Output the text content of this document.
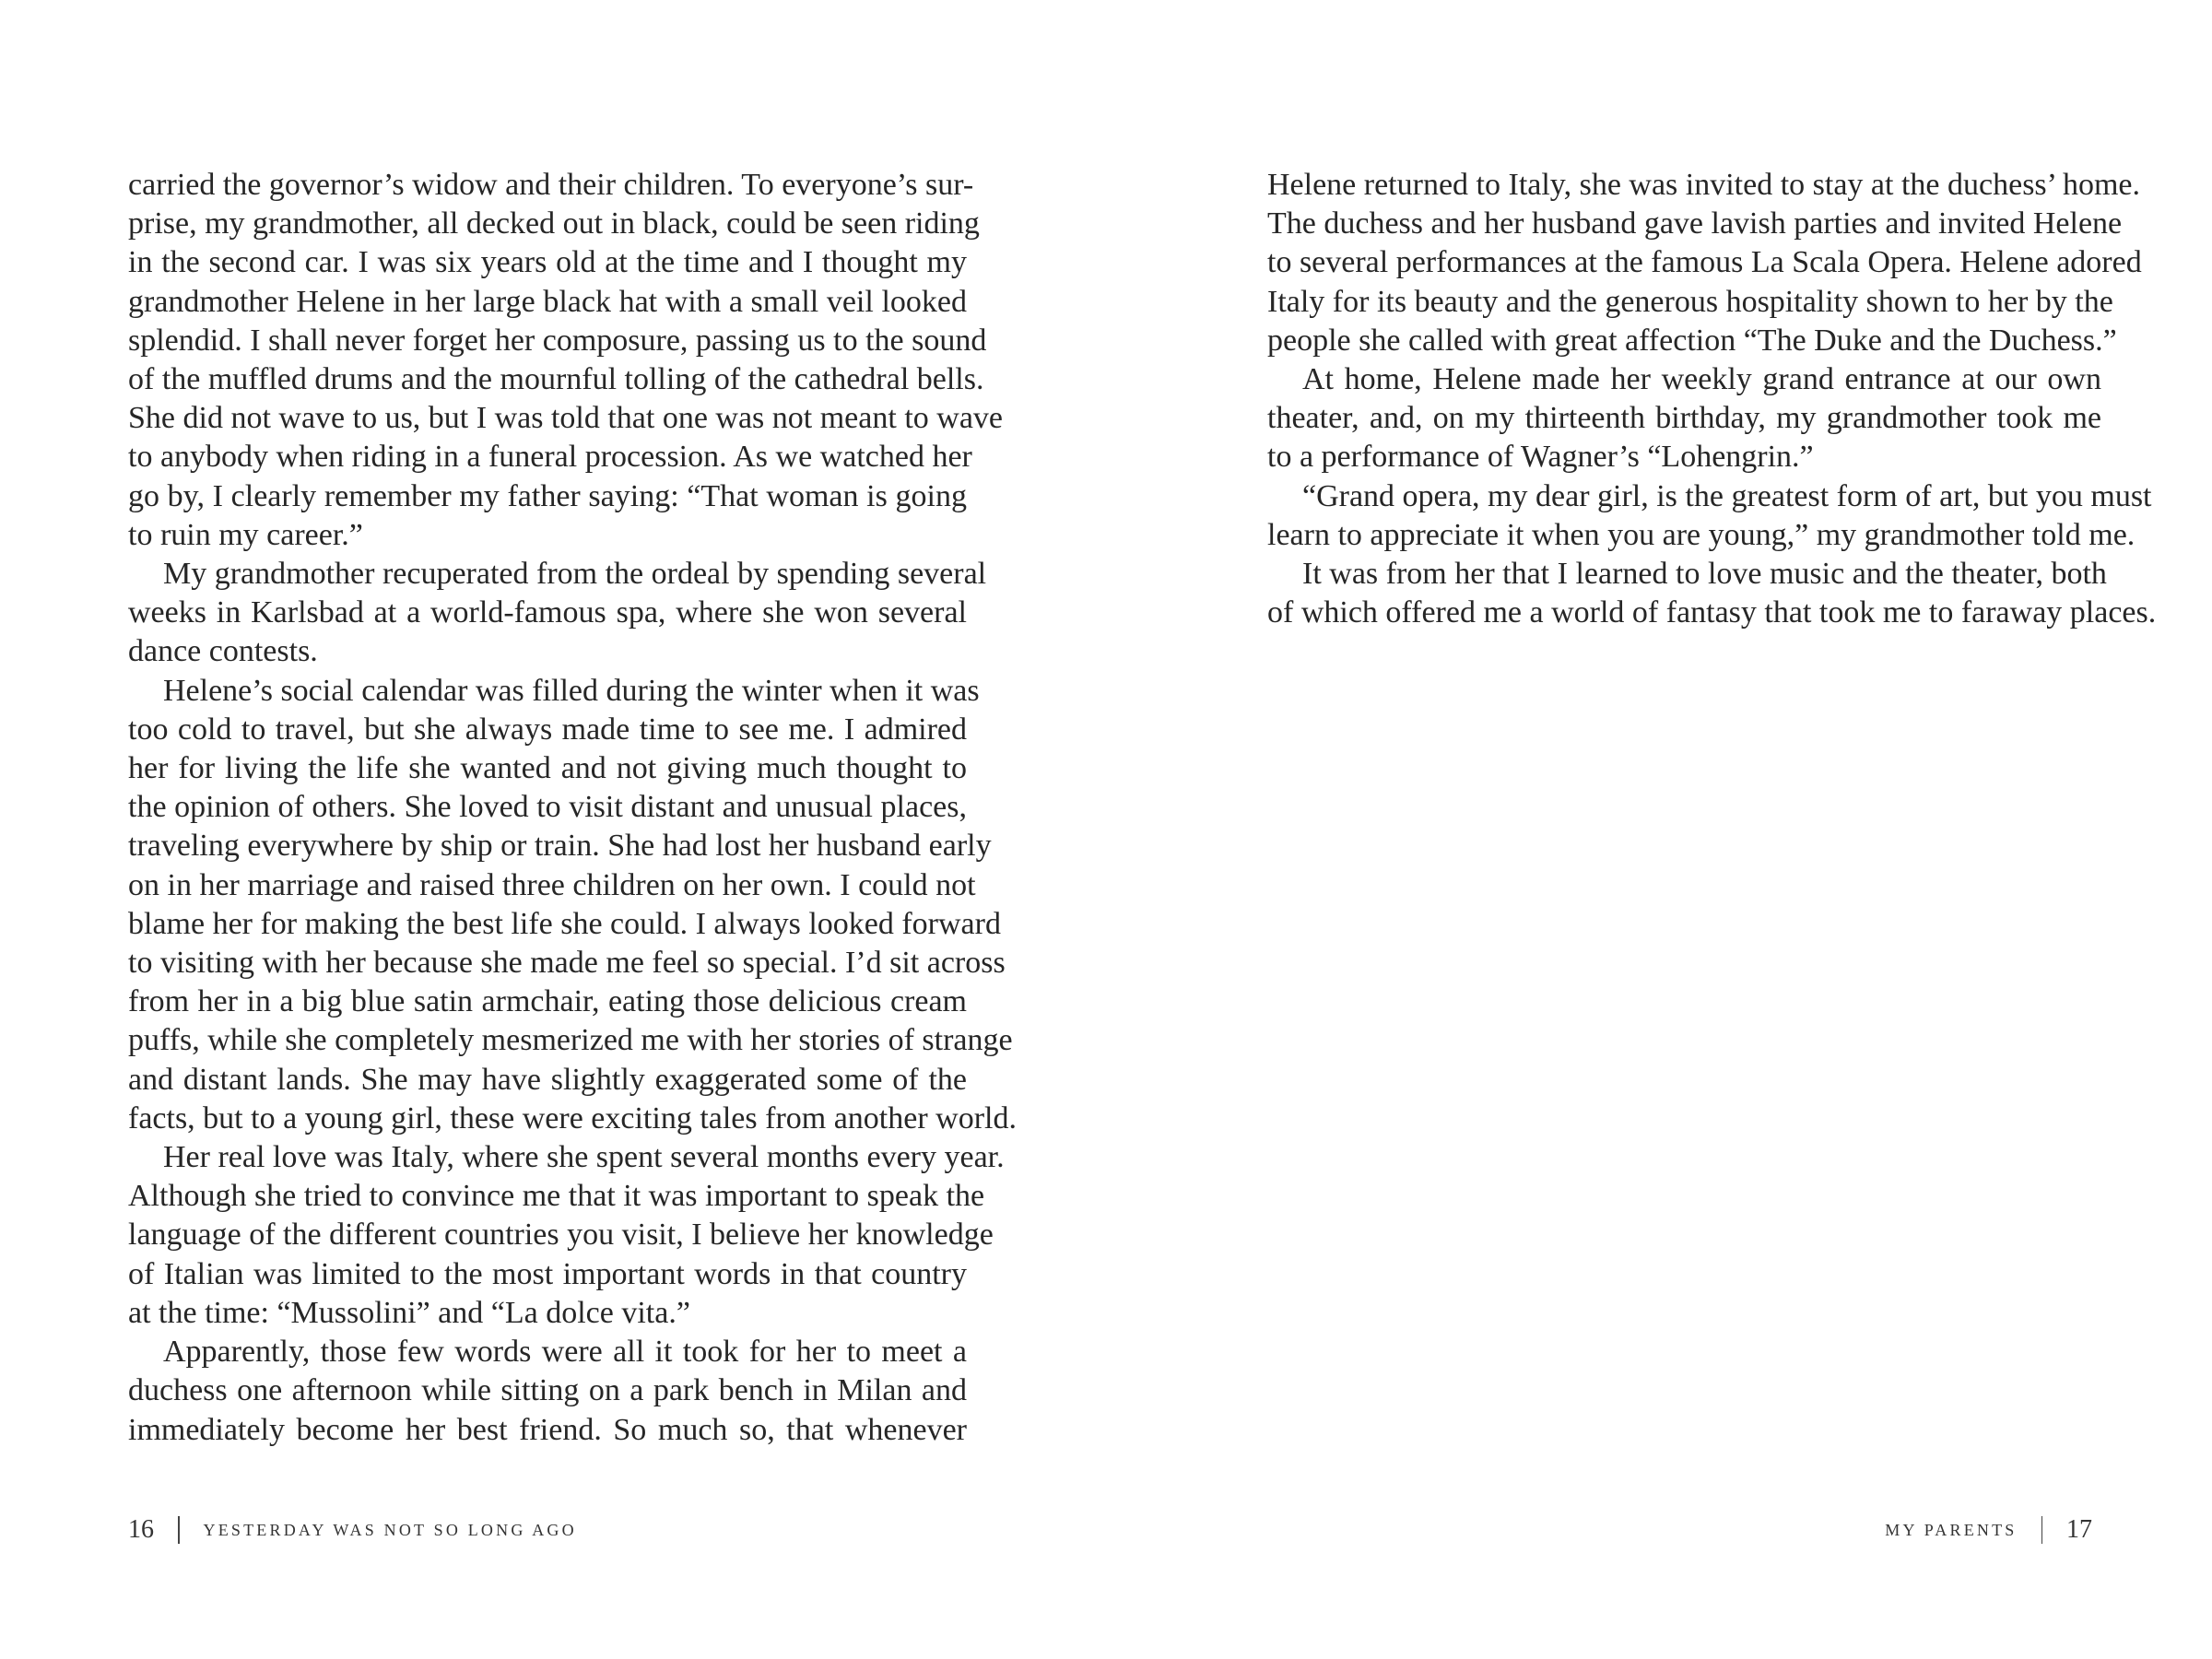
carried the governor’s widow and their children. To everyone’s sur-
prise, my grandmother, all decked out in black, could be seen riding
in the second car. I was six years old at the time and I thought my
grandmother Helene in her large black hat with a small veil looked
splendid. I shall never forget her composure, passing us to the sound
of the muffled drums and the mournful tolling of the cathedral bells.
She did not wave to us, but I was told that one was not meant to wave
to anybody when riding in a funeral procession. As we watched her
go by, I clearly remember my father saying: “That woman is going
to ruin my career.”
My grandmother recuperated from the ordeal by spending several
weeks in Karlsbad at a world-famous spa, where she won several
dance contests.
Helene’s social calendar was filled during the winter when it was
too cold to travel, but she always made time to see me. I admired
her for living the life she wanted and not giving much thought to
the opinion of others. She loved to visit distant and unusual places,
traveling everywhere by ship or train. She had lost her husband early
on in her marriage and raised three children on her own. I could not
blame her for making the best life she could. I always looked forward
to visiting with her because she made me feel so special. I’d sit across
from her in a big blue satin armchair, eating those delicious cream
puffs, while she completely mesmerized me with her stories of strange
and distant lands. She may have slightly exaggerated some of the
facts, but to a young girl, these were exciting tales from another world.
Her real love was Italy, where she spent several months every year.
Although she tried to convince me that it was important to speak the
language of the different countries you visit, I believe her knowledge
of Italian was limited to the most important words in that country
at the time: “Mussolini” and “La dolce vita.”
Apparently, those few words were all it took for her to meet a
duchess one afternoon while sitting on a park bench in Milan and
immediately become her best friend. So much so, that whenever
16	YESTERDAY WAS NOT SO LONG AGO
Helene returned to Italy, she was invited to stay at the duchess’ home.
The duchess and her husband gave lavish parties and invited Helene
to several performances at the famous La Scala Opera. Helene adored
Italy for its beauty and the generous hospitality shown to her by the
people she called with great affection “The Duke and the Duchess.”
At home, Helene made her weekly grand entrance at our own
theater, and, on my thirteenth birthday, my grandmother took me
to a performance of Wagner’s “Lohengrin.”
“Grand opera, my dear girl, is the greatest form of art, but you must
learn to appreciate it when you are young,” my grandmother told me.
It was from her that I learned to love music and the theater, both
of which offered me a world of fantasy that took me to faraway places.
MY PARENTS 17
